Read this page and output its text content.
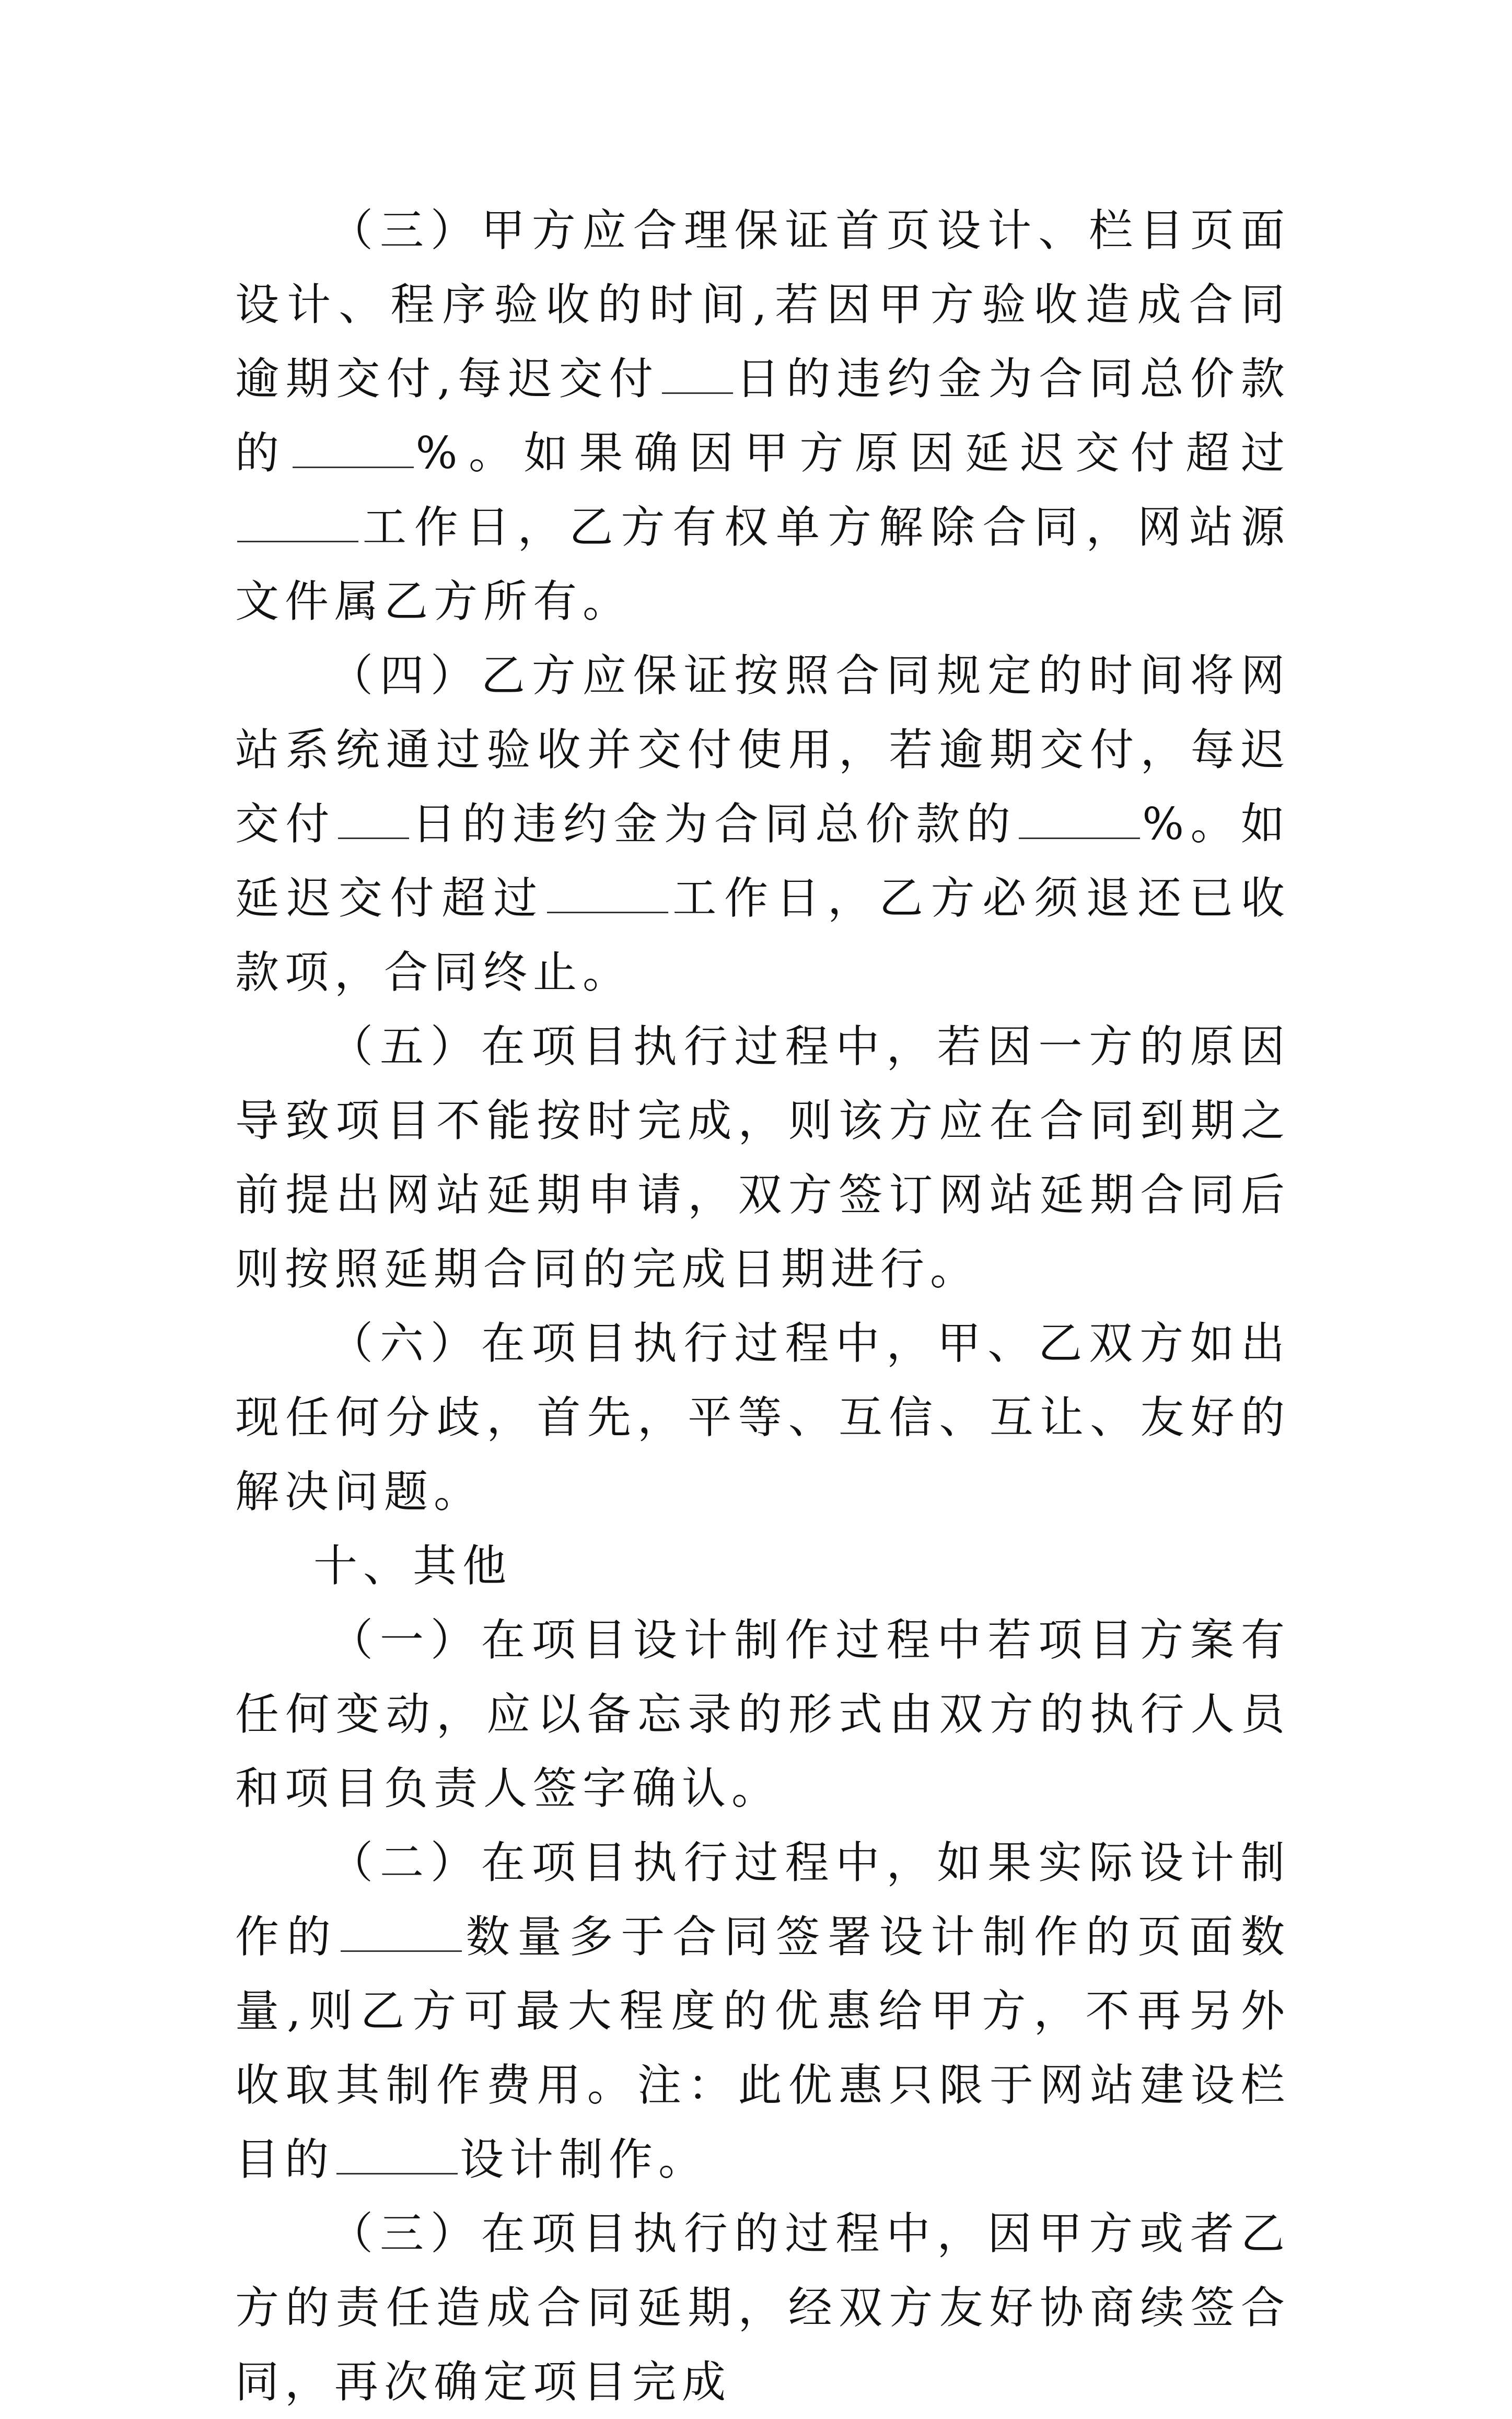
（三）甲方应合理保证首页设计、栏目页面设计、程序验收的时间,若因甲方验收造成合同逾期交付,每迟交付 日的违约金为合同总价款的	%。如果确因甲方原因延迟交付超过工作日，乙方有权单方解除合同，网站源文件属乙方所有。

（四）乙方应保证按照合同规定的时间将网站系统通过验收并交付使用，若逾期交付，每迟交付 日的违约金为合同总价款的	%。如延迟交付超过	工作日，乙方必须退还已收款项，合同终止。

（五）在项目执行过程中，若因一方的原因导致项目不能按时完成，则该方应在合同到期之前提出网站延期申请，双方签订网站延期合同后则按照延期合同的完成日期进行。

（六）在项目执行过程中，甲、乙双方如出现任何分歧，首先，平等、互信、互让、友好的解决问题。

十、其他

（一）在项目设计制作过程中若项目方案有任何变动，应以备忘录的形式由双方的执行人员和项目负责人签字确认。

（二）在项目执行过程中，如果实际设计制作的	数量多于合同签署设计制作的页面数量,则乙方可最大程度的优惠给甲方，不再另外收取其制作费用。注：此优惠只限于网站建设栏目的	设计制作。

（三）在项目执行的过程中，因甲方或者乙方的责任造成合同延期，经双方友好协商续签合同，再次确定项目完成
